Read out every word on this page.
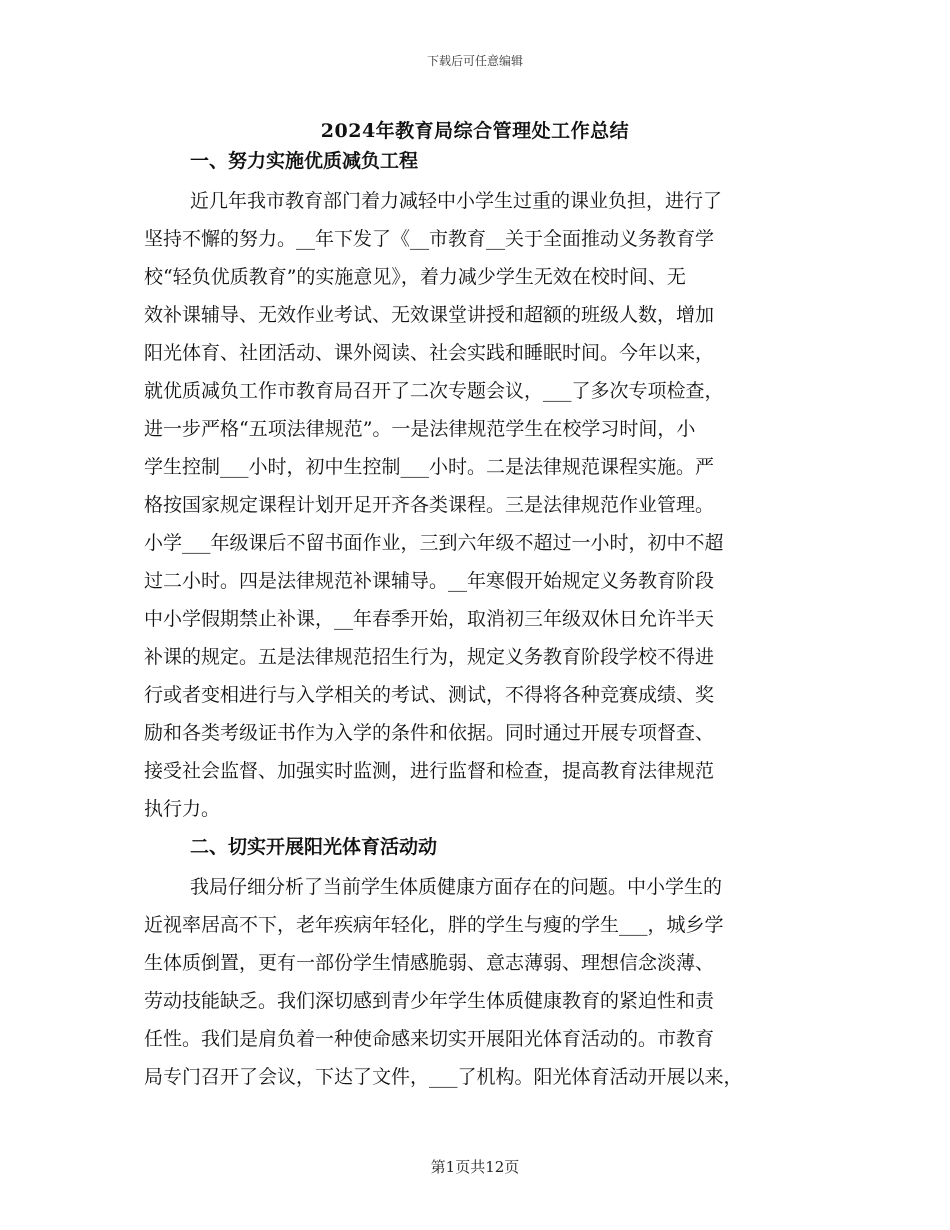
下载后可任意编辑
2024年教育局综合管理处工作总结
一、努力实施优质减负工程
近几年我市教育部门着力减轻中小学生过重的课业负担，进行了
坚持不懈的努力。__年下发了《__市教育__关于全面推动义务教育学
校“轻负优质教育”的实施意见》，着力减少学生无效在校时间、无
效补课辅导、无效作业考试、无效课堂讲授和超额的班级人数，增加
阳光体育、社团活动、课外阅读、社会实践和睡眠时间。今年以来，
就优质减负工作市教育局召开了二次专题会议，___了多次专项检查，
进一步严格“五项法律规范”。一是法律规范学生在校学习时间，小
学生控制___小时，初中生控制___小时。二是法律规范课程实施。严
格按国家规定课程计划开足开齐各类课程。三是法律规范作业管理。
小学___年级课后不留书面作业，三到六年级不超过一小时，初中不超
过二小时。四是法律规范补课辅导。__年寒假开始规定义务教育阶段
中小学假期禁止补课，__年春季开始，取消初三年级双休日允许半天
补课的规定。五是法律规范招生行为，规定义务教育阶段学校不得进
行或者变相进行与入学相关的考试、测试，不得将各种竞赛成绩、奖
励和各类考级证书作为入学的条件和依据。同时通过开展专项督查、
接受社会监督、加强实时监测，进行监督和检查，提高教育法律规范
执行力。
二、切实开展阳光体育活动动
我局仔细分析了当前学生体质健康方面存在的问题。中小学生的
近视率居高不下，老年疾病年轻化，胖的学生与瘦的学生___，城乡学
生体质倒置，更有一部份学生情感脆弱、意志薄弱、理想信念淡薄、
劳动技能缺乏。我们深切感到青少年学生体质健康教育的紧迫性和责
任性。我们是肩负着一种使命感来切实开展阳光体育活动的。市教育
局专门召开了会议，下达了文件，___了机构。阳光体育活动开展以来，
第1页共12页
